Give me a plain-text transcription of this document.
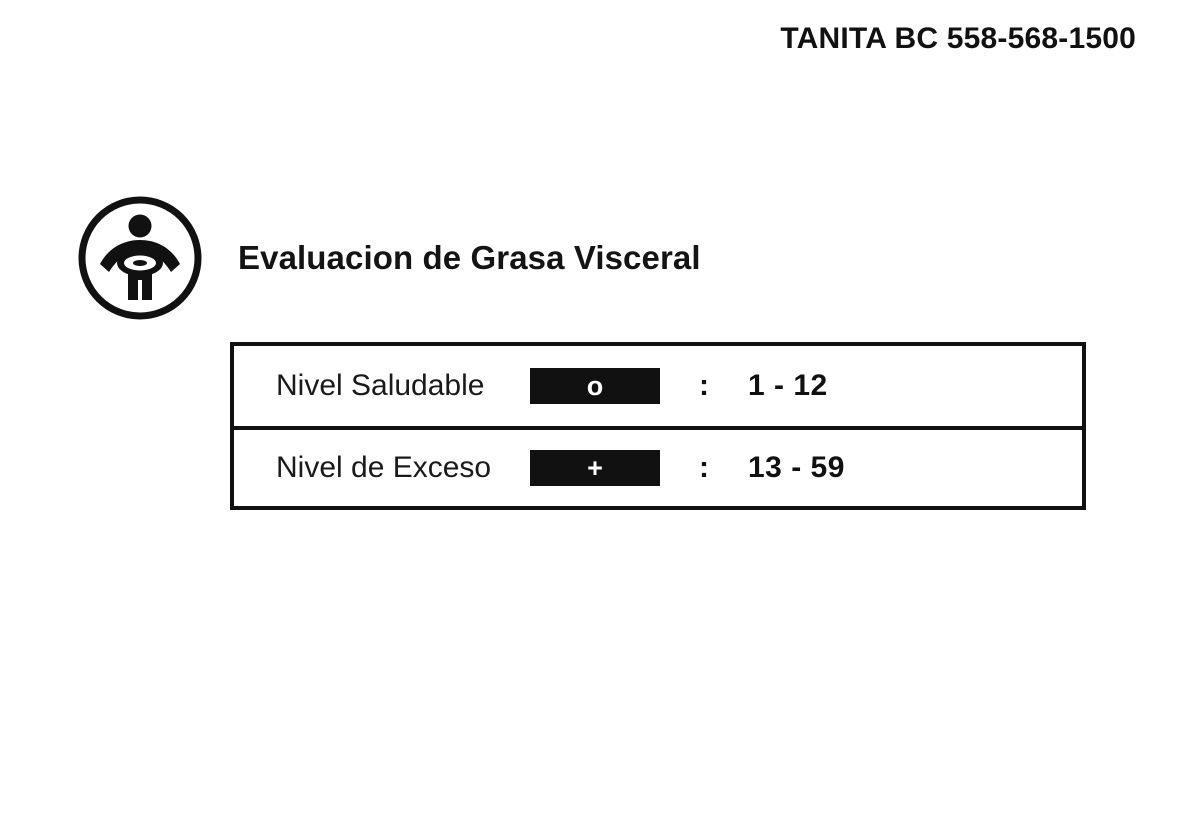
TANITA BC 558-568-1500
Evaluacion de Grasa Visceral
Nivel Saludable	o	:	1 - 12
Nivel de Exceso	+	:	13 - 59
